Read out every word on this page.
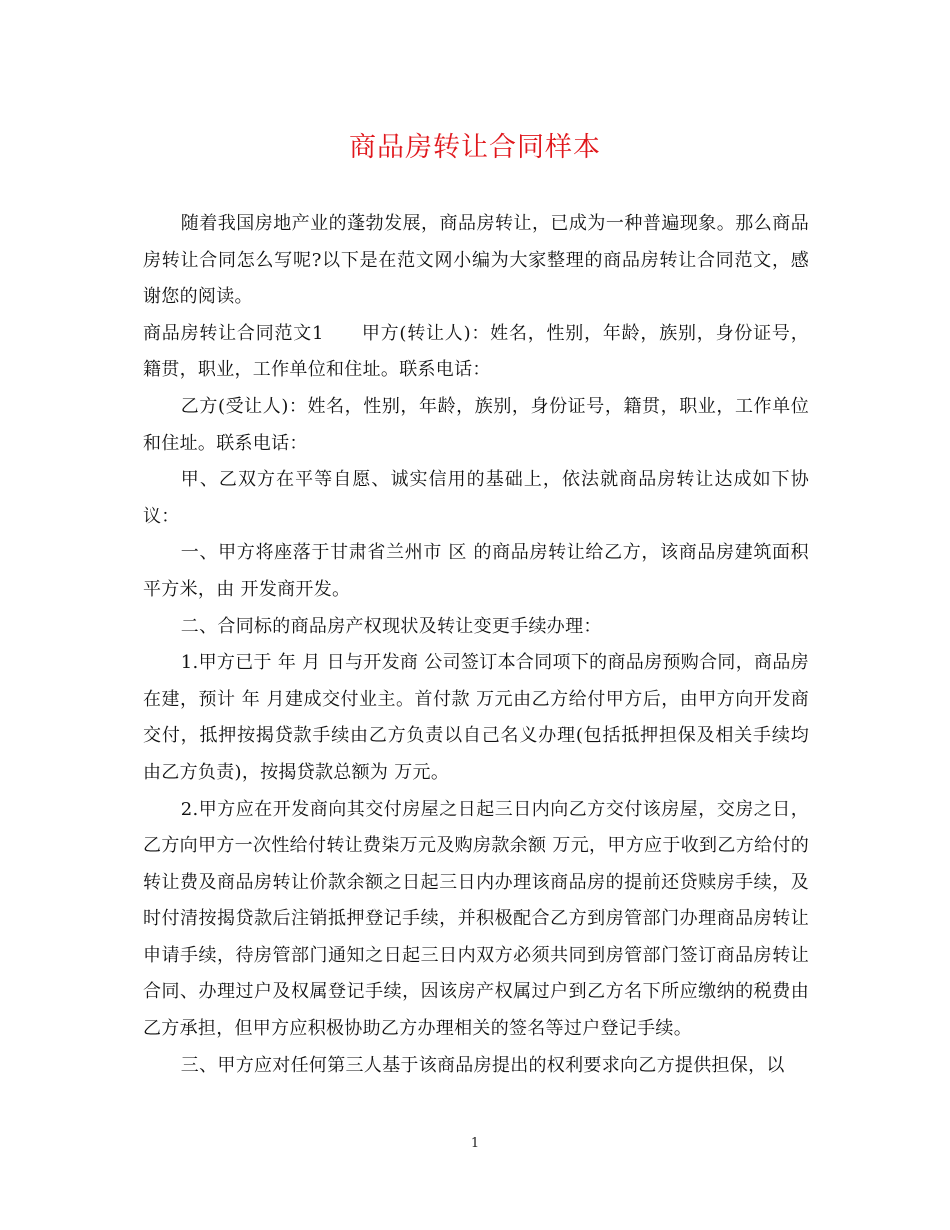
商品房转让合同样本

随着我国房地产业的蓬勃发展，商品房转让，已成为一种普遍现象。那么商品房转让合同怎么写呢?以下是在范文网小编为大家整理的商品房转让合同范文，感谢您的阅读。

商品房转让合同范文1　　甲方(转让人)：姓名，性别，年龄，族别，身份证号，籍贯，职业，工作单位和住址。联系电话：

乙方(受让人)：姓名，性别，年龄，族别，身份证号，籍贯，职业，工作单位和住址。联系电话：

甲、乙双方在平等自愿、诚实信用的基础上，依法就商品房转让达成如下协议：

一、甲方将座落于甘肃省兰州市 区 的商品房转让给乙方，该商品房建筑面积 平方米，由 开发商开发。

二、合同标的商品房产权现状及转让变更手续办理：

1.甲方已于 年 月 日与开发商 公司签订本合同项下的商品房预购合同，商品房在建，预计 年 月建成交付业主。首付款 万元由乙方给付甲方后，由甲方向开发商交付，抵押按揭贷款手续由乙方负责以自己名义办理(包括抵押担保及相关手续均由乙方负责)，按揭贷款总额为 万元。

2.甲方应在开发商向其交付房屋之日起三日内向乙方交付该房屋，交房之日，乙方向甲方一次性给付转让费柒万元及购房款余额 万元，甲方应于收到乙方给付的转让费及商品房转让价款余额之日起三日内办理该商品房的提前还贷赎房手续，及时付清按揭贷款后注销抵押登记手续，并积极配合乙方到房管部门办理商品房转让申请手续，待房管部门通知之日起三日内双方必须共同到房管部门签订商品房转让合同、办理过户及权属登记手续，因该房产权属过户到乙方名下所应缴纳的税费由乙方承担，但甲方应积极协助乙方办理相关的签名等过户登记手续。

三、甲方应对任何第三人基于该商品房提出的权利要求向乙方提供担保，以

1
